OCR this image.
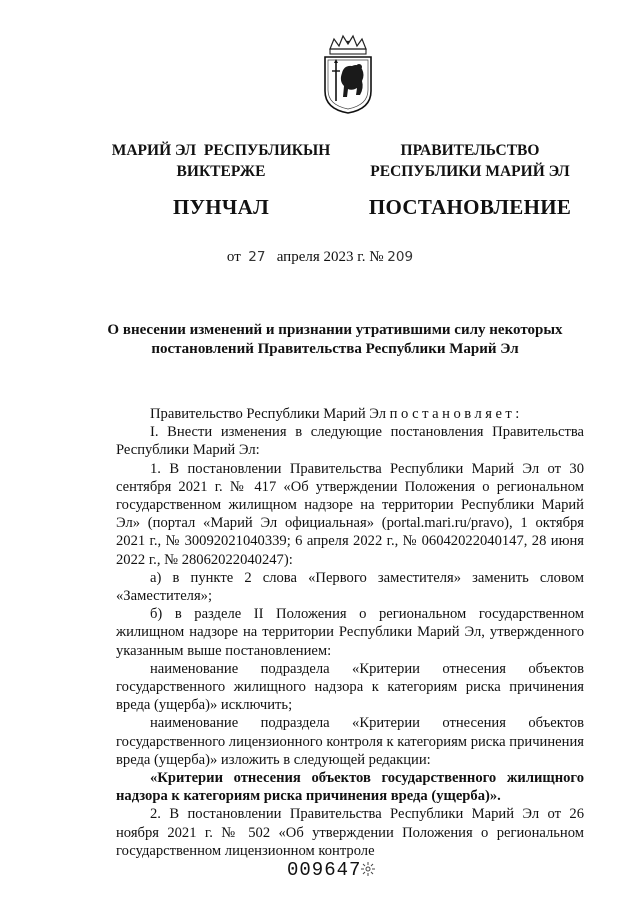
МАРИЙ ЭЛ  РЕСПУБЛИКЫН
ВИКТЕРЖЕ
ПУНЧАЛ
ПРАВИТЕЛЬСТВО
РЕСПУБЛИКИ МАРИЙ ЭЛ
ПОСТАНОВЛЕНИЕ
от 27 апреля 2023 г. № 209
О внесении изменений и признании утратившими силу некоторых
постановлений Правительства Республики Марий Эл

Правительство Республики Марий Эл постановляет:

I. Внести изменения в следующие постановления Правительства Республики Марий Эл:

1. В постановлении Правительства Республики Марий Эл от 30 сентября 2021 г. № 417 «Об утверждении Положения о региональном государственном жилищном надзоре на территории Республики Марий Эл» (портал «Марий Эл официальная» (portal.mari.ru/pravo), 1 октября 2021 г., № 30092021040339; 6 апреля 2022 г., № 06042022040147, 28 июня 2022 г., № 28062022040247):

а) в пункте 2 слова «Первого заместителя» заменить словом «Заместителя»;

б) в разделе II Положения о региональном государственном жилищном надзоре на территории Республики Марий Эл, утвержденного указанным выше постановлением:

наименование подраздела «Критерии отнесения объектов государственного жилищного надзора к категориям риска причинения вреда (ущерба)» исключить;

наименование подраздела «Критерии отнесения объектов государственного лицензионного контроля к категориям риска причинения вреда (ущерба)» изложить в следующей редакции:

«Критерии отнесения объектов государственного жилищного надзора к категориям риска причинения вреда (ущерба)».

2. В постановлении Правительства Республики Марий Эл от 26 ноября 2021 г. № 502 «Об утверждении Положения о региональном государственном лицензионном контроле

009647
